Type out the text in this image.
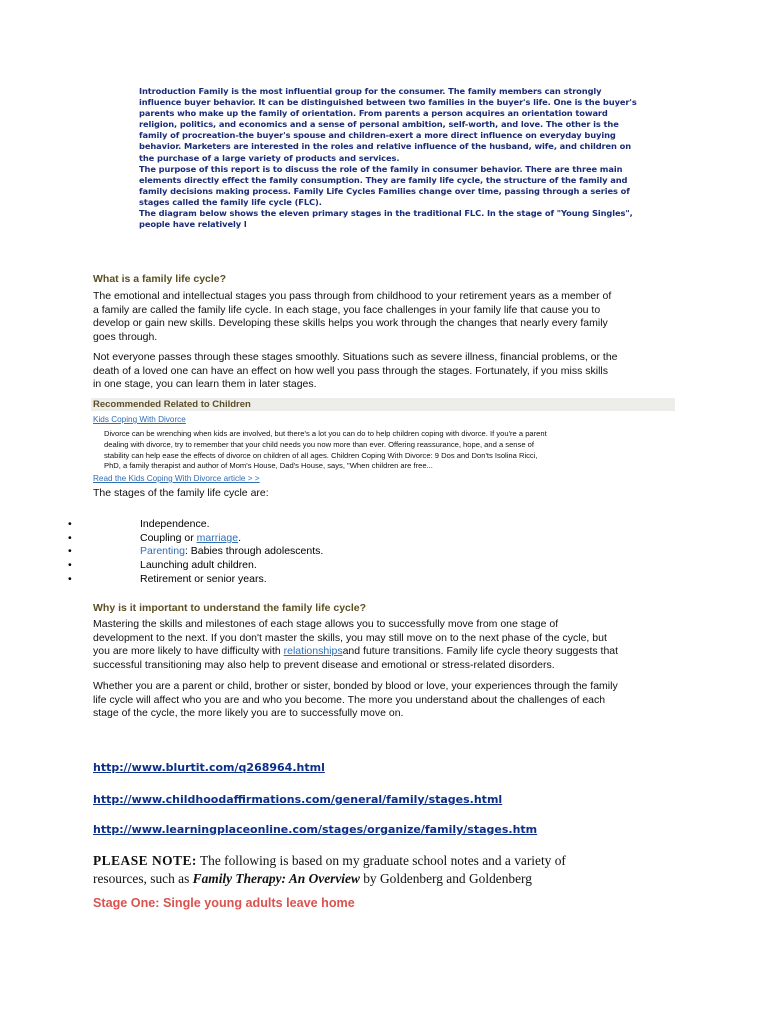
Introduction Family is the most influential group for the consumer. The family members can strongly

influence buyer behavior. It can be distinguished between two families in the buyer's life. One is the buyer's

parents who make up the family of orientation. From parents a person acquires an orientation toward

religion, politics, and economics and a sense of personal ambition, self-worth, and love. The other is the

family of procreation-the buyer's spouse and children-exert a more direct influence on everyday buying

behavior. Marketers are interested in the roles and relative influence of the husband, wife, and children on

the purchase of a large variety of products and services.

The purpose of this report is to discuss the role of the family in consumer behavior. There are three main

elements directly effect the family consumption. They are family life cycle, the structure of the family and

family decisions making process. Family Life Cycles Families change over time, passing through a series of

stages called the family life cycle (FLC).

The diagram below shows the eleven primary stages in the traditional FLC. In the stage of "Young Singles",

people have relatively l

What is a family life cycle?

The emotional and intellectual stages you pass through from childhood to your retirement years as a member of

a family are called the family life cycle. In each stage, you face challenges in your family life that cause you to

develop or gain new skills. Developing these skills helps you work through the changes that nearly every family

goes through.

Not everyone passes through these stages smoothly. Situations such as severe illness, financial problems, or the

death of a loved one can have an effect on how well you pass through the stages. Fortunately, if you miss skills

in one stage, you can learn them in later stages.

Recommended Related to Children
Kids Coping With Divorce
Divorce can be wrenching when kids are involved, but there's a lot you can do to help children coping with divorce. If you're a parent
dealing with divorce, try to remember that your child needs you now more than ever. Offering reassurance, hope, and a sense of
stability can help ease the effects of divorce on children of all ages. Children Coping With Divorce: 9 Dos and Don'ts Isolina Ricci,
PhD, a family therapist and author of Mom's House, Dad's House, says, "When children are free...
Read the Kids Coping With Divorce article > >
The stages of the family life cycle are:
•	Independence.
•	Coupling or marriage.
•	Parenting: Babies through adolescents.
•	Launching adult children.
•	Retirement or senior years.
Why is it important to understand the family life cycle?

Mastering the skills and milestones of each stage allows you to successfully move from one stage of

development to the next. If you don't master the skills, you may still move on to the next phase of the cycle, but

you are more likely to have difficulty with relationshipsand future transitions. Family life cycle theory suggests that

successful transitioning may also help to prevent disease and emotional or stress-related disorders.

Whether you are a parent or child, brother or sister, bonded by blood or love, your experiences through the family

life cycle will affect who you are and who you become. The more you understand about the challenges of each

stage of the cycle, the more likely you are to successfully move on.

http://www.blurtit.com/q268964.html
http://www.childhoodaffirmations.com/general/family/stages.html
http://www.learningplaceonline.com/stages/organize/family/stages.htm
PLEASE NOTE: The following is based on my graduate school notes and a variety of
resources, such as Family Therapy: An Overview by Goldenberg and Goldenberg
Stage One: Single young adults leave home
